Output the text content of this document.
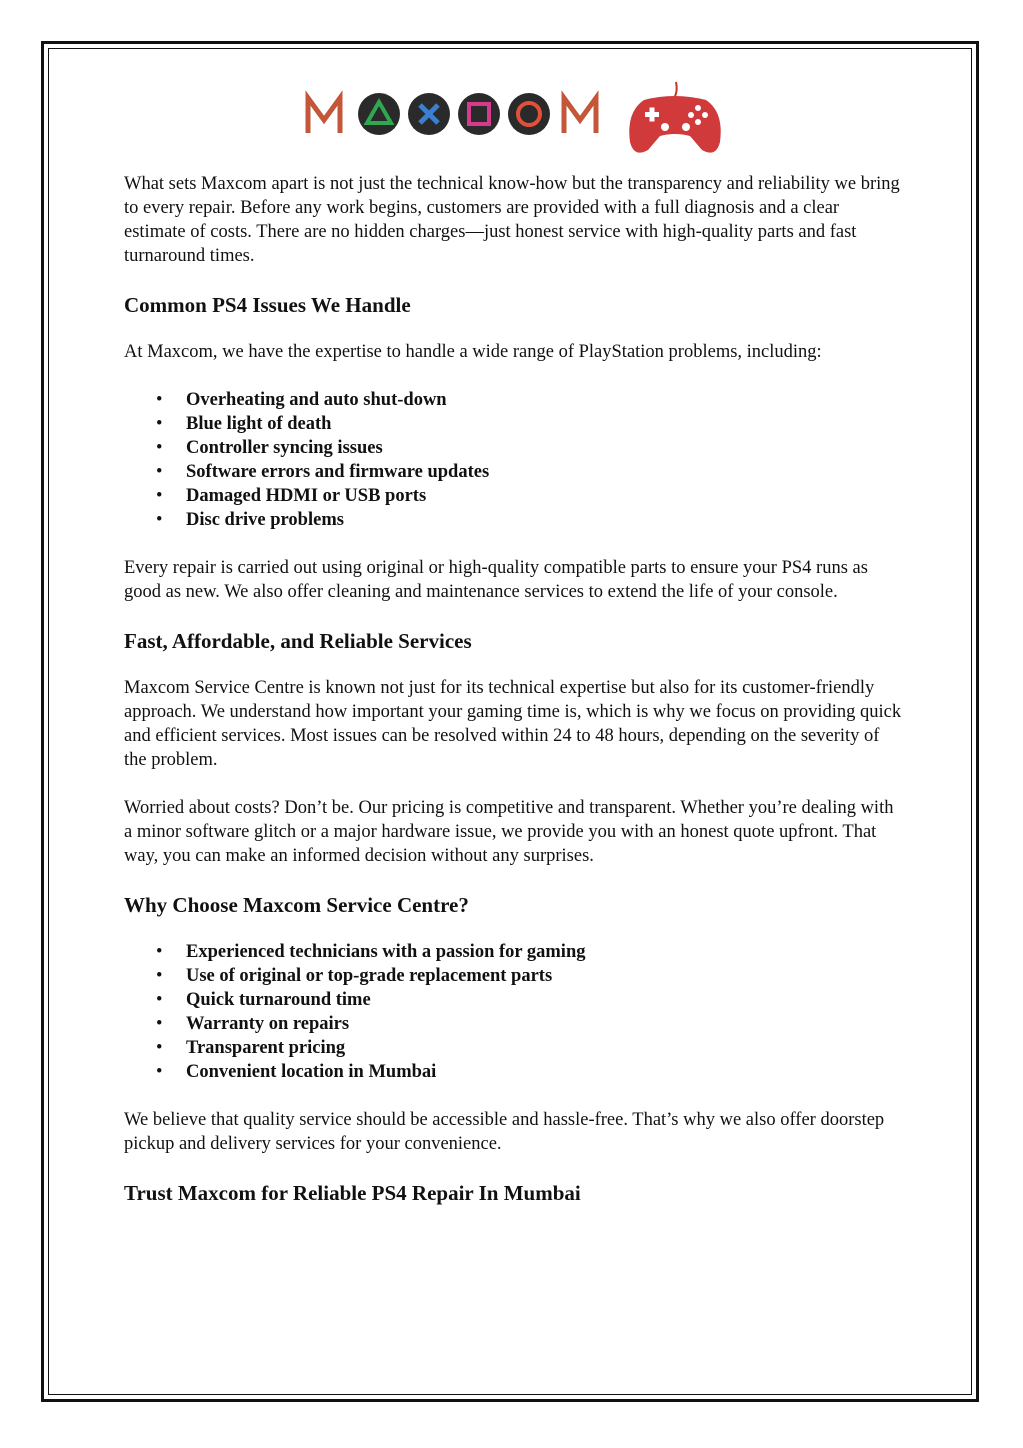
What sets Maxcom apart is not just the technical know-how but the transparency and reliability we bring to every repair. Before any work begins, customers are provided with a full diagnosis and a clear estimate of costs. There are no hidden charges—just honest service with high-quality parts and fast turnaround times.

Common PS4 Issues We Handle

At Maxcom, we have the expertise to handle a wide range of PlayStation problems, including:

• Overheating and auto shut-down
• Blue light of death
• Controller syncing issues
• Software errors and firmware updates
• Damaged HDMI or USB ports
• Disc drive problems

Every repair is carried out using original or high-quality compatible parts to ensure your PS4 runs as good as new. We also offer cleaning and maintenance services to extend the life of your console.

Fast, Affordable, and Reliable Services

Maxcom Service Centre is known not just for its technical expertise but also for its customer-friendly approach. We understand how important your gaming time is, which is why we focus on providing quick and efficient services. Most issues can be resolved within 24 to 48 hours, depending on the severity of the problem.

Worried about costs? Don’t be. Our pricing is competitive and transparent. Whether you’re dealing with a minor software glitch or a major hardware issue, we provide you with an honest quote upfront. That way, you can make an informed decision without any surprises.

Why Choose Maxcom Service Centre?
• Experienced technicians with a passion for gaming
• Use of original or top-grade replacement parts
• Quick turnaround time
• Warranty on repairs
• Transparent pricing
• Convenient location in Mumbai

We believe that quality service should be accessible and hassle-free. That’s why we also offer doorstep pickup and delivery services for your convenience.

Trust Maxcom for Reliable PS4 Repair In Mumbai
